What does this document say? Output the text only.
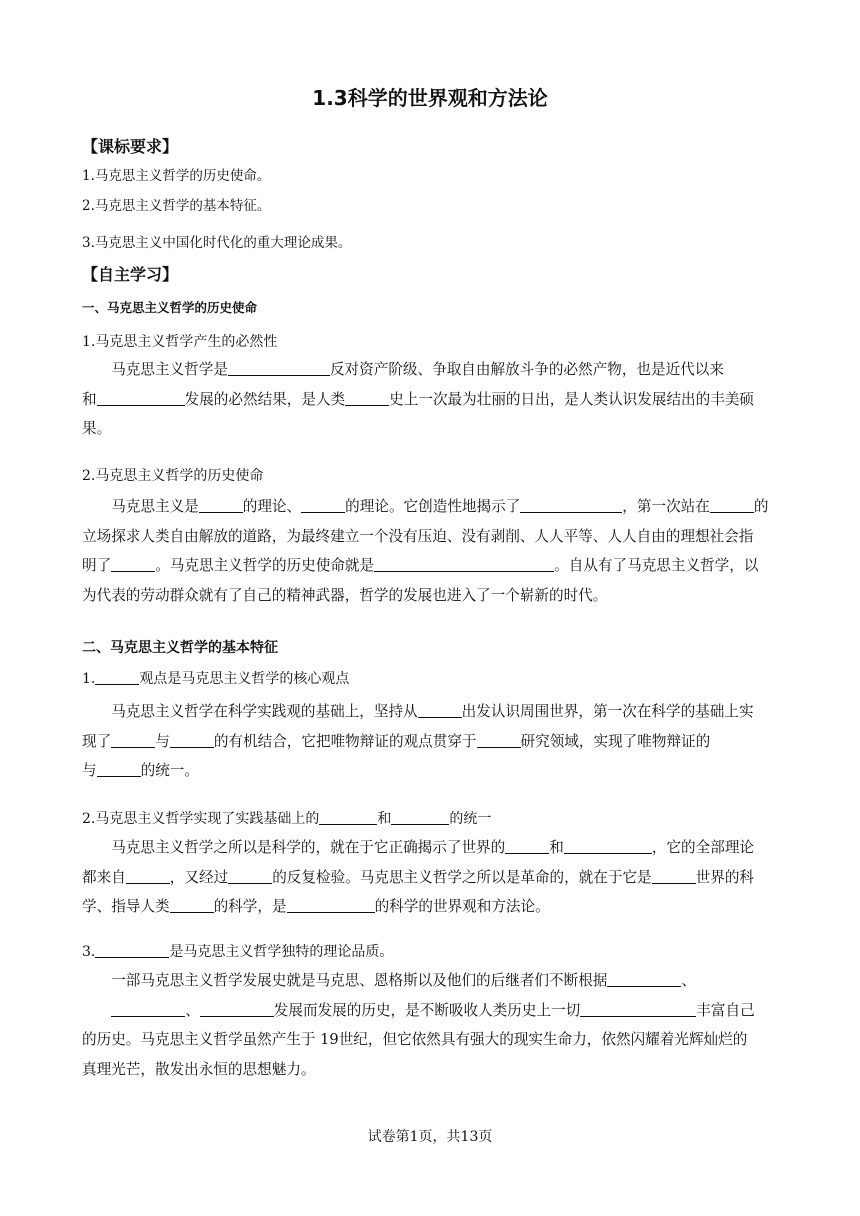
1.3科学的世界观和方法论
【课标要求】
1.马克思主义哲学的历史使命。
2.马克思主义哲学的基本特征。
3.马克思主义中国化时代化的重大理论成果。
【自主学习】
一、马克思主义哲学的历史使命
1.马克思主义哲学产生的必然性
马克思主义哲学是	反对资产阶级、争取自由解放斗争的必然产物，也是近代以来
和	发展的必然结果，是人类	史上一次最为壮丽的日出，是人类认识发展结出的丰美硕
果。
2.马克思主义哲学的历史使命
马克思主义是	的理论、	的理论。它创造性地揭示了	，第一次站在	的
立场探求人类自由解放的道路，为最终建立一个没有压迫、没有剥削、人人平等、人人自由的理想社会指
明了	。马克思主义哲学的历史使命就是	。自从有了马克思主义哲学，以
为代表的劳动群众就有了自己的精神武器，哲学的发展也进入了一个崭新的时代。
二、马克思主义哲学的基本特征
1.	观点是马克思主义哲学的核心观点
马克思主义哲学在科学实践观的基础上，坚持从	出发认识周围世界，第一次在科学的基础上实
现了	与	的有机结合，它把唯物辩证的观点贯穿于	研究领域，实现了唯物辩证的
与	的统一。
2.马克思主义哲学实现了实践基础上的	和	的统一
马克思主义哲学之所以是科学的，就在于它正确揭示了世界的	和	，它的全部理论
都来自	，又经过	的反复检验。马克思主义哲学之所以是革命的，就在于它是	世界的科
学、指导人类	的科学，是	的科学的世界观和方法论。
3.	是马克思主义哲学独特的理论品质。
一部马克思主义哲学发展史就是马克思、恩格斯以及他们的后继者们不断根据	、
、	发展而发展的历史，是不断吸收人类历史上一切	丰富自己
的历史。马克思主义哲学虽然产生于 19世纪，但它依然具有强大的现实生命力，依然闪耀着光辉灿烂的
真理光芒，散发出永恒的思想魅力。
试卷第1页，共13页
